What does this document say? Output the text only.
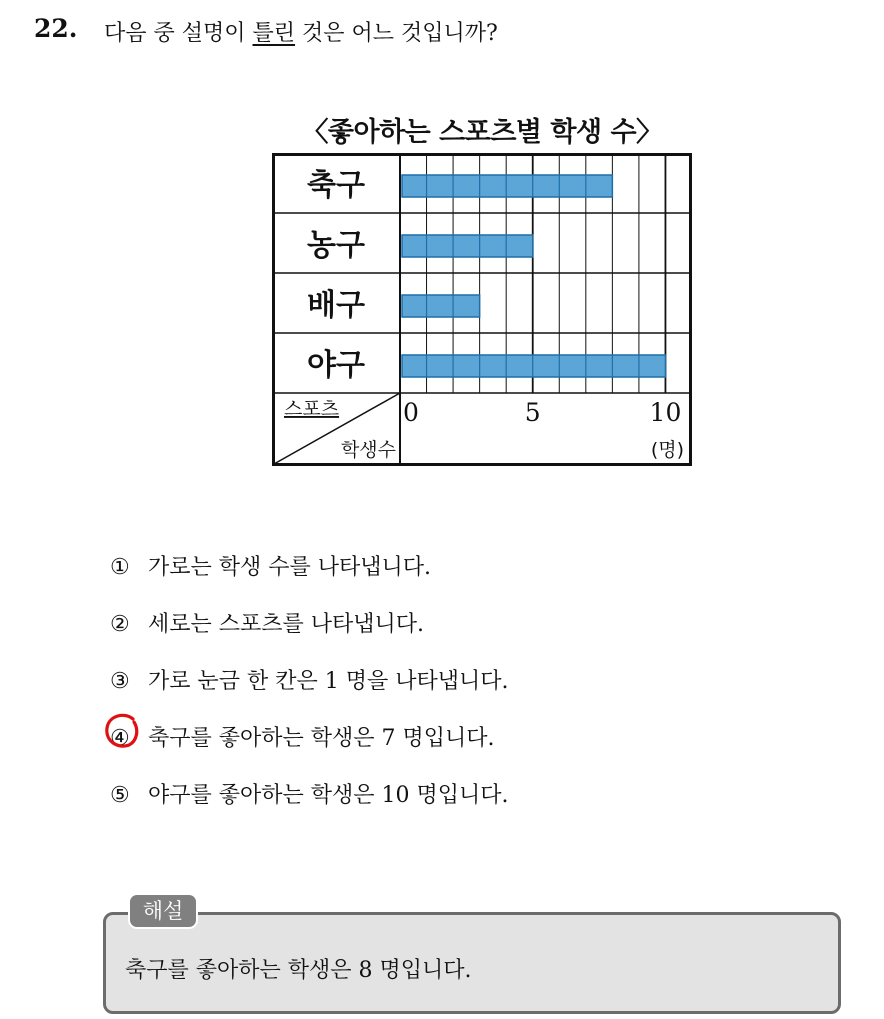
22. 다음 중 설명이 틀린 것은 어느 것입니까?
〈좋아하는 스포츠별 학생 수〉
축구
농구
배구
야구
스포츠
학생수
0	5	10
(명)
① 가로는 학생 수를 나타냅니다.
② 세로는 스포츠를 나타냅니다.
③ 가로 눈금 한 칸은 1 명을 나타냅니다.
④ 축구를 좋아하는 학생은 7 명입니다.
⑤ 야구를 좋아하는 학생은 10 명입니다.
해설
축구를 좋아하는 학생은 8 명입니다.
